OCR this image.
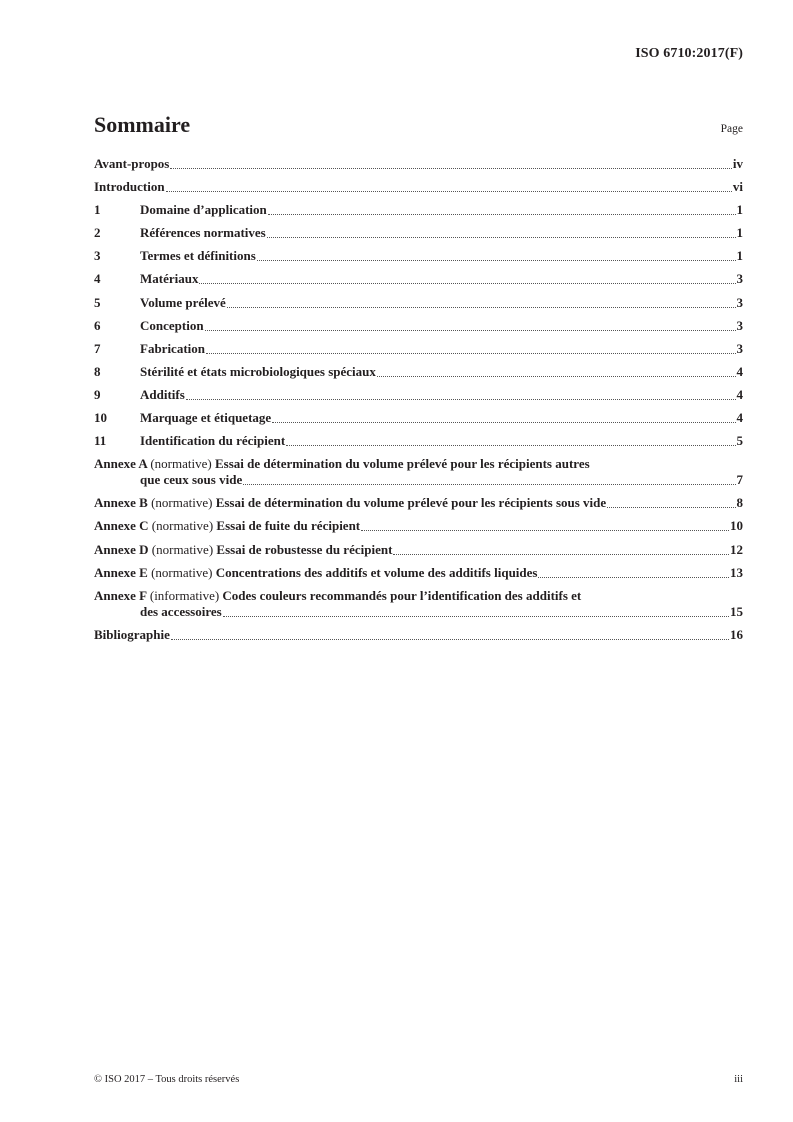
ISO 6710:2017(F)
Sommaire	Page
Avant-propos	iv
Introduction	vi
1	Domaine d’application	1
2	Références normatives	1
3	Termes et définitions	1
4	Matériaux	3
5	Volume prélevé	3
6	Conception	3
7	Fabrication	3
8	Stérilité et états microbiologiques spéciaux	4
9	Additifs	4
10	Marquage et étiquetage	4
11	Identification du récipient	5
Annexe A (normative) Essai de détermination du volume prélevé pour les récipients autres
que ceux sous vide	7
Annexe B (normative) Essai de détermination du volume prélevé pour les récipients sous vide	8
Annexe C (normative) Essai de fuite du récipient	10
Annexe D (normative) Essai de robustesse du récipient	12
Annexe E (normative) Concentrations des additifs et volume des additifs liquides	13
Annexe F (informative) Codes couleurs recommandés pour l’identification des additifs et
des accessoires	15
Bibliographie	16
© ISO 2017 – Tous droits réservés	iii
